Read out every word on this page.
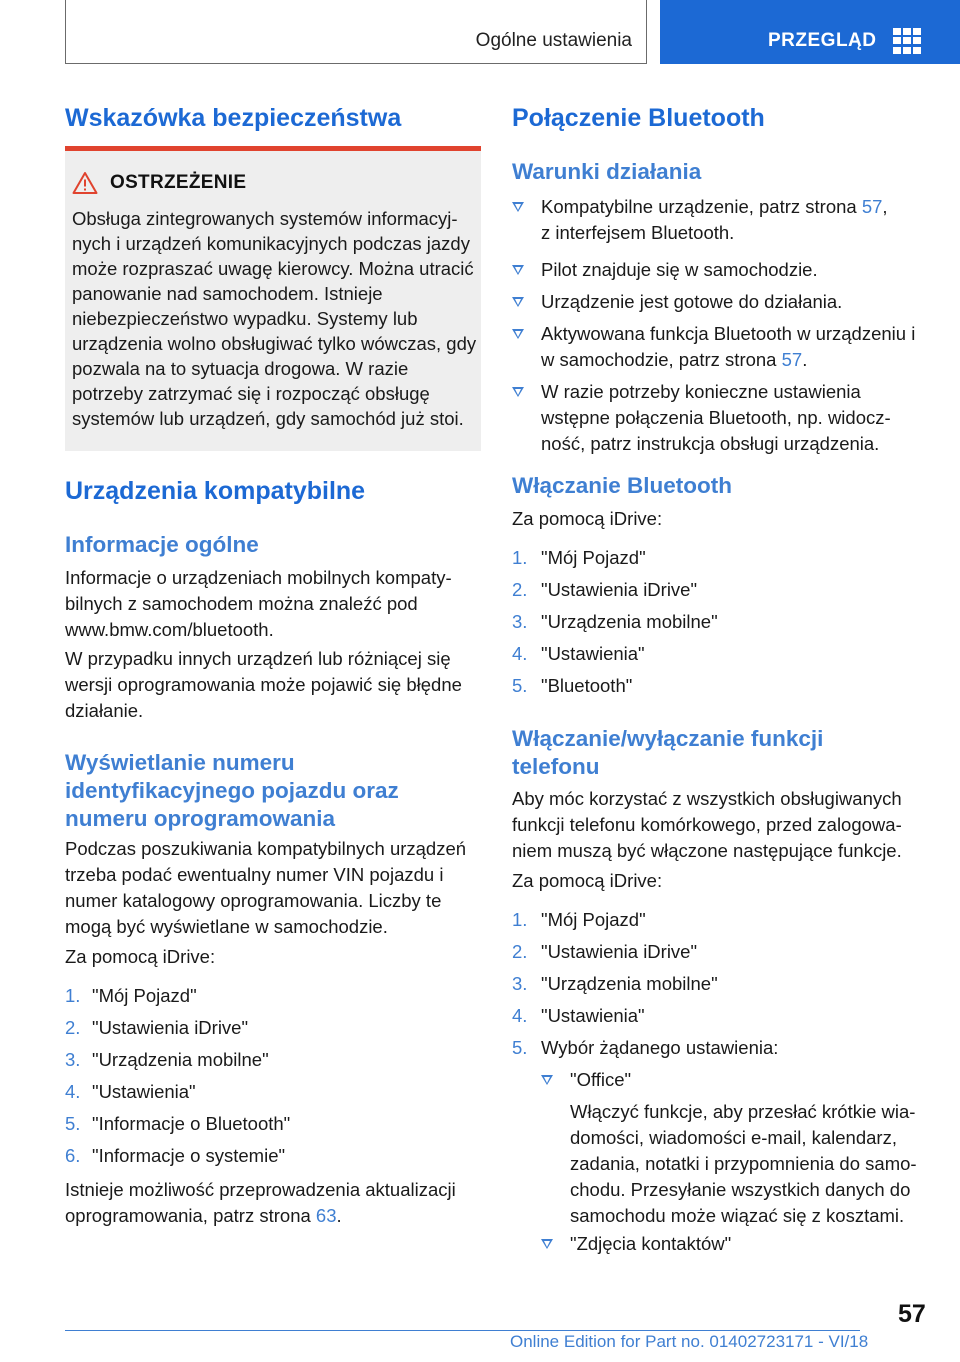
Ogólne ustawienia	PRZEGLĄD
Wskazówka bezpieczeństwa
OSTRZEŻENIE

Obsługa zintegrowanych systemów informacyj-nych i urządzeń komunikacyjnych podczas jazdy może rozpraszać uwagę kierowcy. Można utracić panowanie nad samochodem. Istnieje niebezpieczeństwo wypadku. Systemy lub urządzenia wolno obsługiwać tylko wówczas, gdy pozwala na to sytuacja drogowa. W razie potrzeby zatrzymać się i rozpocząć obsługę systemów lub urządzeń, gdy samochód już stoi.

Urządzenia kompatybilne
Informacje ogólne

Informacje o urządzeniach mobilnych kompaty-bilnych z samochodem można znaleźć pod www.bmw.com/bluetooth.

W przypadku innych urządzeń lub różniącej się wersji oprogramowania może pojawić się błędne działanie.

Wyświetlanie numeru identyfikacyjnego pojazdu oraz numeru oprogramowania

Podczas poszukiwania kompatybilnych urządzeń trzeba podać ewentualny numer VIN pojazdu i numer katalogowy oprogramowania. Liczby te mogą być wyświetlane w samochodzie.

Za pomocą iDrive:

1. "Mój Pojazd"
2. "Ustawienia iDrive"
3. "Urządzenia mobilne"
4. "Ustawienia"
5. "Informacje o Bluetooth"
6. "Informacje o systemie"

Istnieje możliwość przeprowadzenia aktualizacji oprogramowania, patrz strona 63.

Połączenie Bluetooth
Warunki działania
Kompatybilne urządzenie, patrz strona 57,
z interfejsem Bluetooth.
Pilot znajduje się w samochodzie.
Urządzenie jest gotowe do działania.
Aktywowana funkcja Bluetooth w urządzeniu i w samochodzie, patrz strona 57.
W razie potrzeby konieczne ustawienia wstępne połączenia Bluetooth, np. widocz-ność, patrz instrukcja obsługi urządzenia.
Włączanie Bluetooth

Za pomocą iDrive:

1. "Mój Pojazd"
2. "Ustawienia iDrive"
3. "Urządzenia mobilne"
4. "Ustawienia"
5. "Bluetooth"
Włączanie/wyłączanie funkcji telefonu

Aby móc korzystać z wszystkich obsługiwanych funkcji telefonu komórkowego, przed zalogowa-niem muszą być włączone następujące funkcje.

Za pomocą iDrive:

1. "Mój Pojazd"
2. "Ustawienia iDrive"
3. "Urządzenia mobilne"
4. "Ustawienia"
5. Wybór żądanego ustawienia:
"Office"
Włączyć funkcje, aby przesłać krótkie wia-domości, wiadomości e-mail, kalendarz, zadania, notatki i przypomnienia do samo-chodu. Przesyłanie wszystkich danych do samochodu może wiązać się z kosztami.
"Zdjęcia kontaktów"
57
Online Edition for Part no. 01402723171 - VI/18
